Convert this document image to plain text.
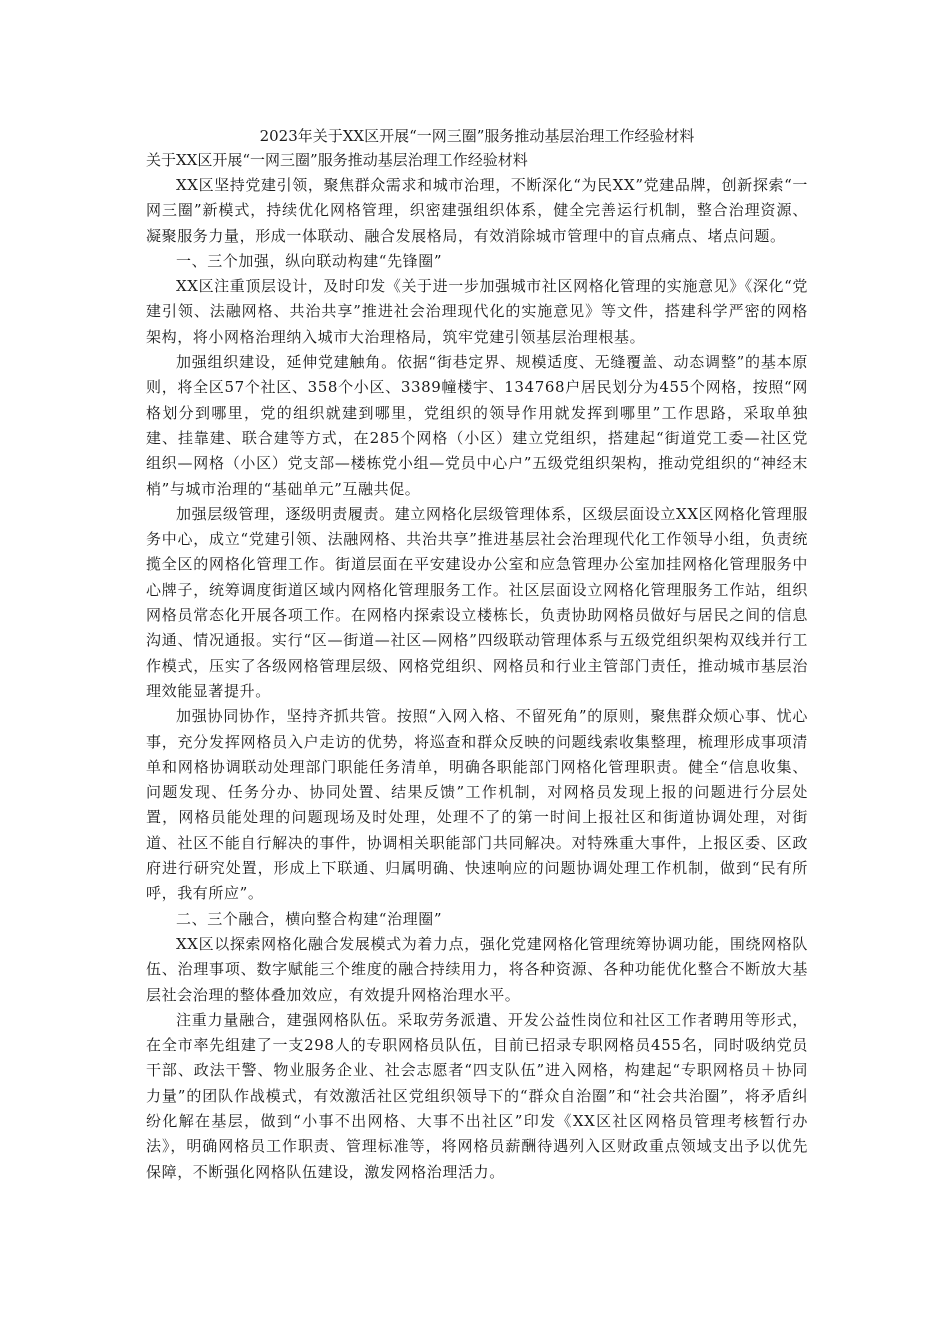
2023年关于XX区开展“一网三圈”服务推动基层治理工作经验材料

关于XX区开展“一网三圈”服务推动基层治理工作经验材料

XX区坚持党建引领，聚焦群众需求和城市治理，不断深化“为民XX”党建品牌，创新探索“一网三圈”新模式，持续优化网格管理，织密建强组织体系，健全完善运行机制，整合治理资源、凝聚服务力量，形成一体联动、融合发展格局，有效消除城市管理中的盲点痛点、堵点问题。

一、三个加强，纵向联动构建“先锋圈”

XX区注重顶层设计，及时印发《关于进一步加强城市社区网格化管理的实施意见》《深化“党建引领、法融网格、共治共享”推进社会治理现代化的实施意见》等文件，搭建科学严密的网格架构，将小网格治理纳入城市大治理格局，筑牢党建引领基层治理根基。

加强组织建设，延伸党建触角。依据“街巷定界、规模适度、无缝覆盖、动态调整”的基本原则，将全区57个社区、358个小区、3389幢楼宇、134768户居民划分为455个网格，按照“网格划分到哪里，党的组织就建到哪里，党组织的领导作用就发挥到哪里”工作思路，采取单独建、挂靠建、联合建等方式，在285个网格（小区）建立党组织，搭建起“街道党工委—社区党组织—网格（小区）党支部—楼栋党小组—党员中心户”五级党组织架构，推动党组织的“神经末梢”与城市治理的“基础单元”互融共促。

加强层级管理，逐级明责履责。建立网格化层级管理体系，区级层面设立XX区网格化管理服务中心，成立“党建引领、法融网格、共治共享”推进基层社会治理现代化工作领导小组，负责统揽全区的网格化管理工作。街道层面在平安建设办公室和应急管理办公室加挂网格化管理服务中心牌子，统筹调度街道区域内网格化管理服务工作。社区层面设立网格化管理服务工作站，组织网格员常态化开展各项工作。在网格内探索设立楼栋长，负责协助网格员做好与居民之间的信息沟通、情况通报。实行“区—街道—社区—网格”四级联动管理体系与五级党组织架构双线并行工作模式，压实了各级网格管理层级、网格党组织、网格员和行业主管部门责任，推动城市基层治理效能显著提升。

加强协同协作，坚持齐抓共管。按照“入网入格、不留死角”的原则，聚焦群众烦心事、忧心事，充分发挥网格员入户走访的优势，将巡查和群众反映的问题线索收集整理，梳理形成事项清单和网格协调联动处理部门职能任务清单，明确各职能部门网格化管理职责。健全“信息收集、问题发现、任务分办、协同处置、结果反馈”工作机制，对网格员发现上报的问题进行分层处置，网格员能处理的问题现场及时处理，处理不了的第一时间上报社区和街道协调处理，对街道、社区不能自行解决的事件，协调相关职能部门共同解决。对特殊重大事件，上报区委、区政府进行研究处置，形成上下联通、归属明确、快速响应的问题协调处理工作机制，做到“民有所呼，我有所应”。

二、三个融合，横向整合构建“治理圈”

XX区以探索网格化融合发展模式为着力点，强化党建网格化管理统筹协调功能，围绕网格队伍、治理事项、数字赋能三个维度的融合持续用力，将各种资源、各种功能优化整合不断放大基层社会治理的整体叠加效应，有效提升网格治理水平。

注重力量融合，建强网格队伍。采取劳务派遣、开发公益性岗位和社区工作者聘用等形式，在全市率先组建了一支298人的专职网格员队伍，目前已招录专职网格员455名，同时吸纳党员干部、政法干警、物业服务企业、社会志愿者“四支队伍”进入网格，构建起“专职网格员＋协同力量”的团队作战模式，有效激活社区党组织领导下的“群众自治圈”和“社会共治圈”，将矛盾纠纷化解在基层，做到“小事不出网格、大事不出社区”印发《XX区社区网格员管理考核暂行办法》，明确网格员工作职责、管理标准等，将网格员薪酬待遇列入区财政重点领域支出予以优先保障，不断强化网格队伍建设，激发网格治理活力。
